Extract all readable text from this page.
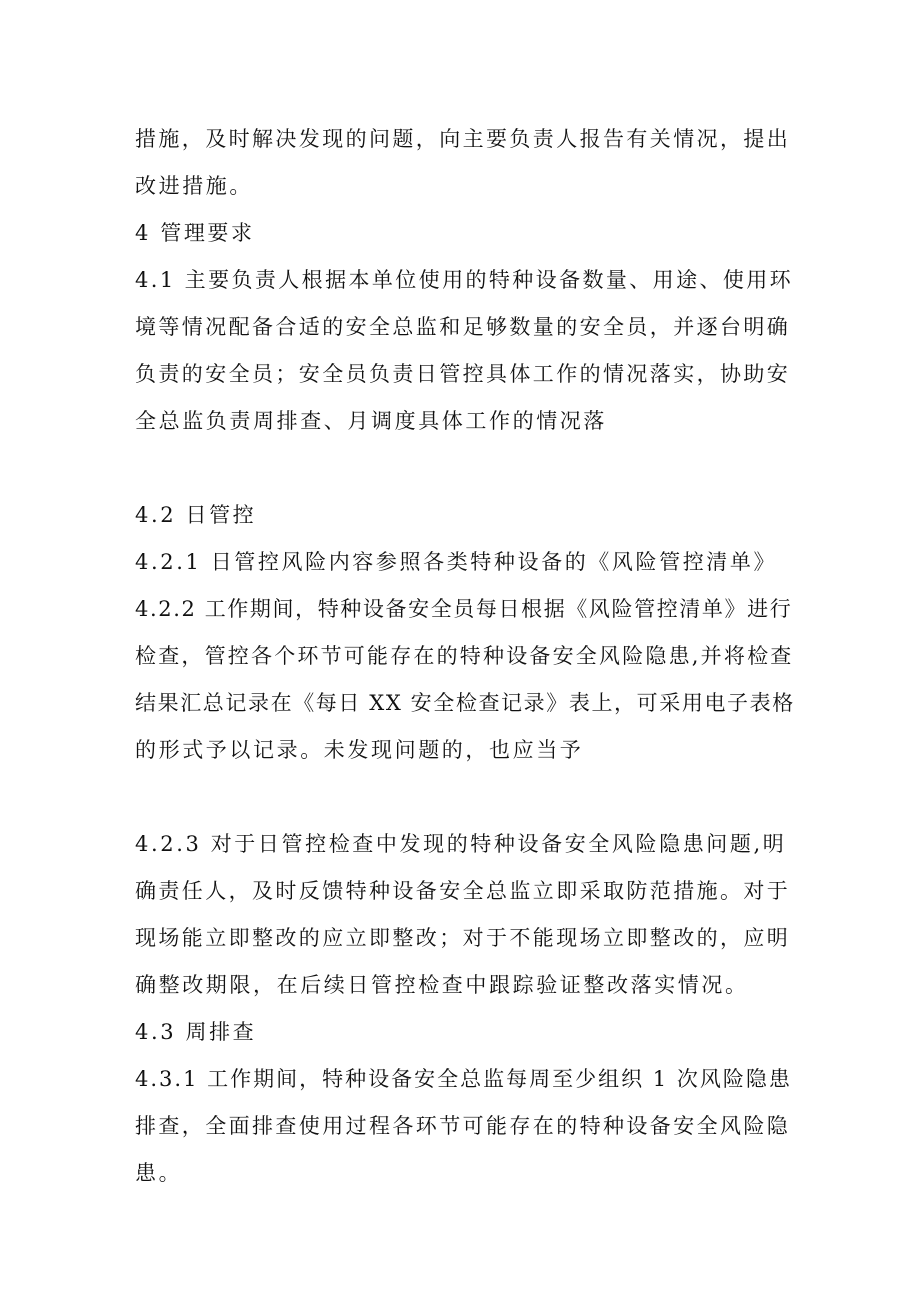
措施，及时解决发现的问题，向主要负责人报告有关情况，提出
改进措施。
4 管理要求
4.1 主要负责人根据本单位使用的特种设备数量、用途、使用环
境等情况配备合适的安全总监和足够数量的安全员，并逐台明确
负责的安全员；安全员负责日管控具体工作的情况落实，协助安
全总监负责周排查、月调度具体工作的情况落
4.2 日管控
4.2.1 日管控风险内容参照各类特种设备的《风险管控清单》
4.2.2 工作期间，特种设备安全员每日根据《风险管控清单》进行
检查，管控各个环节可能存在的特种设备安全风险隐患,并将检查
结果汇总记录在《每日 XX 安全检查记录》表上，可采用电子表格
的形式予以记录。未发现问题的，也应当予
4.2.3 对于日管控检查中发现的特种设备安全风险隐患问题,明
确责任人，及时反馈特种设备安全总监立即采取防范措施。对于
现场能立即整改的应立即整改；对于不能现场立即整改的，应明
确整改期限，在后续日管控检查中跟踪验证整改落实情况。
4.3 周排查
4.3.1 工作期间，特种设备安全总监每周至少组织 1 次风险隐患
排查，全面排查使用过程各环节可能存在的特种设备安全风险隐
患。
